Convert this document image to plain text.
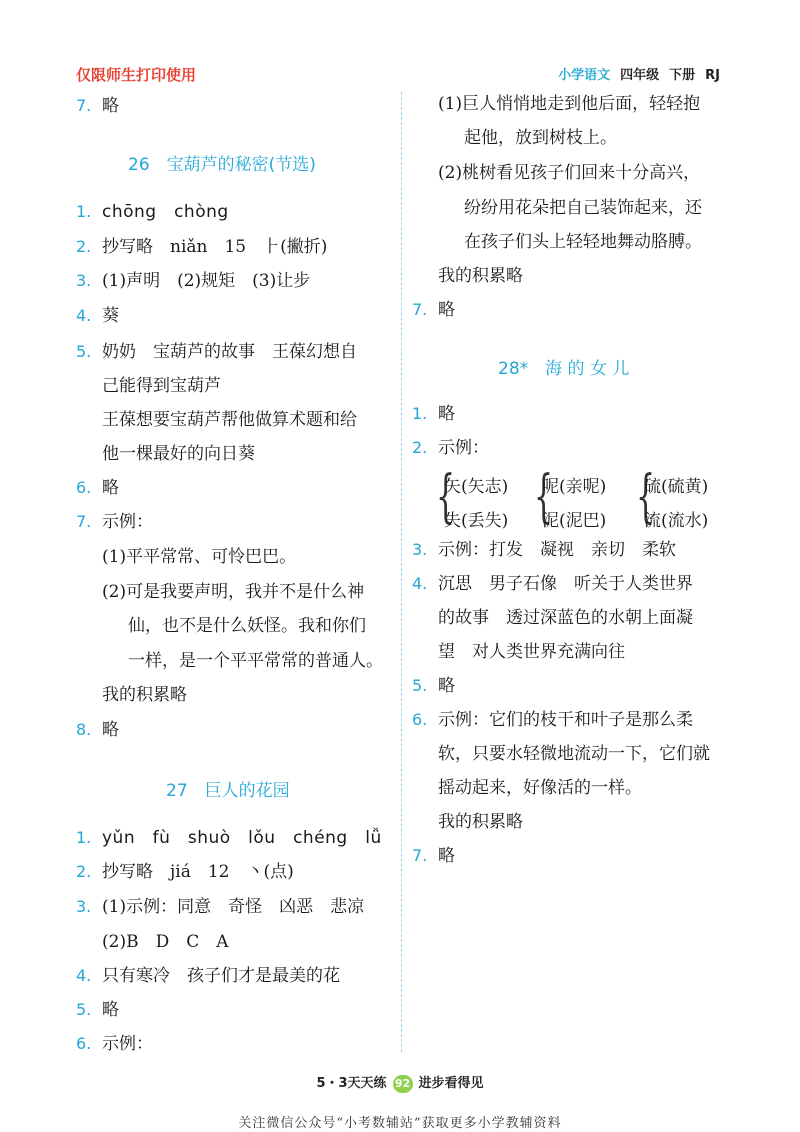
仅限师生打印使用	小学语文 四年级 下册 RJ
7. 略
26　宝葫芦的秘密(节选)
1. chōng　chòng
2. 抄写略　niǎn　15　⺊(撇折)
3. (1)声明　(2)规矩　(3)让步
4. 葵
5. 奶奶　宝葫芦的故事　王葆幻想自
己能得到宝葫芦
王葆想要宝葫芦帮他做算术题和给
他一棵最好的向日葵
6. 略
7. 示例：
(1)平平常常、可怜巴巴。
(2)可是我要声明，我并不是什么神
仙，也不是什么妖怪。我和你们
一样，是一个平平常常的普通人。
我的积累略
8. 略
27　巨人的花园
1. yǔn　fù　shuò　lǒu　chéng　lǚ
2. 抄写略　jiá　12　丶(点)
3. (1)示例：同意　奇怪　凶恶　悲凉
(2)B　D　C　A
4. 只有寒冷　孩子们才是最美的花
5. 略
6. 示例：
(1)巨人悄悄地走到他后面，轻轻抱
起他，放到树枝上。
(2)桃树看见孩子们回来十分高兴，
纷纷用花朵把自己装饰起来，还
在孩子们头上轻轻地舞动胳膊。
我的积累略
7. 略
28*　海 的 女 儿
1. 略
2. 示例：
{
矢(矢志)
失(丢失) {
呢(亲呢)
泥(泥巴) {
硫(硫黄)
流(流水)
3. 示例：打发　凝视　亲切　柔软
4. 沉思　男子石像　听关于人类世界
的故事　透过深蓝色的水朝上面凝
望　对人类世界充满向往
5. 略
6. 示例：它们的枝干和叶子是那么柔
软，只要水轻微地流动一下，它们就
摇动起来，好像活的一样。
我的积累略
7. 略
5・3天天练 92 进步看得见
关注微信公众号“小考数辅站”获取更多小学教辅资料
